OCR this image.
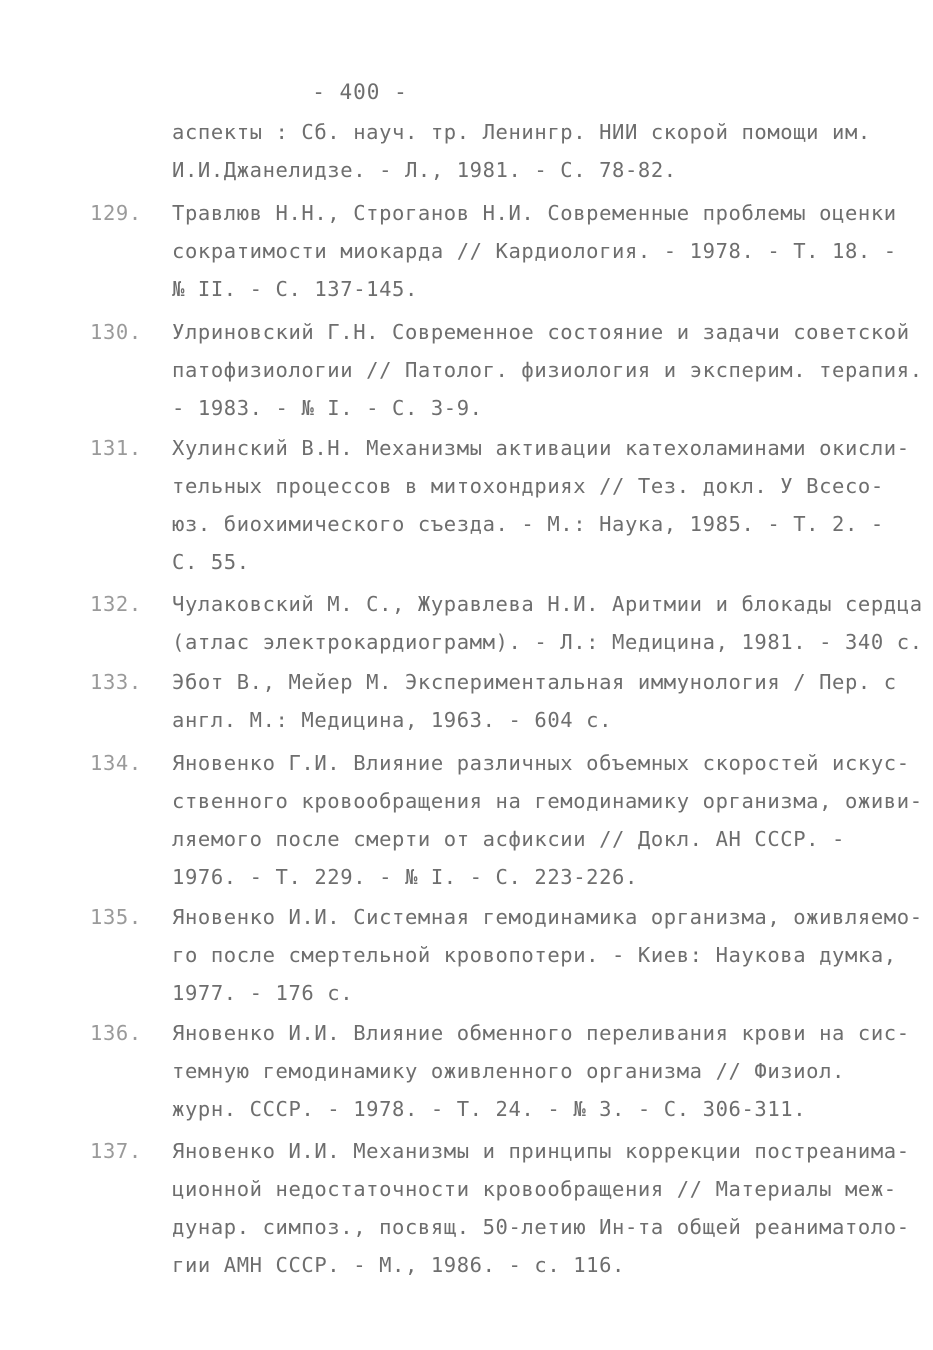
- 400 -
аспекты : Сб. науч. тр. Ленингр. НИИ скорой помощи им.
И.И.Джанелидзе. - Л., 1981. - С. 78-82.
129. Травлюв Н.Н., Строганов Н.И. Современные проблемы оценки
сократимости миокарда // Кардиология. - 1978. - Т. 18. -
№ II. - С. 137-145.
130. Улриновский Г.Н. Современное состояние и задачи советской
патофизиологии // Патолог. физиология и эксперим. терапия.
- 1983. - № I. - С. 3-9.
131. Хулинский В.Н. Механизмы активации катехоламинами окисли-
тельных процессов в митохондриях // Тез. докл. У Всесо-
юз. биохимического съезда. - М.: Наука, 1985. - Т. 2. -
С. 55.
132. Чулаковский М. С., Журавлева Н.И. Аритмии и блокады сердца
(атлас электрокардиограмм). - Л.: Медицина, 1981. - 340 с.
133. Эбот В., Мейер М. Экспериментальная иммунология / Пер. с
англ. М.: Медицина, 1963. - 604 с.
134. Яновенко Г.И. Влияние различных объемных скоростей искус-
ственного кровообращения на гемодинамику организма, оживи-
ляемого после смерти от асфиксии // Докл. АН СССР. -
1976. - Т. 229. - № I. - С. 223-226.
135. Яновенко И.И. Системная гемодинамика организма, оживляемо-
го после смертельной кровопотери. - Киев: Наукова думка,
1977. - 176 с.
136. Яновенко И.И. Влияние обменного переливания крови на сис-
темную гемодинамику оживленного организма // Физиол.
журн. СССР. - 1978. - Т. 24. - № 3. - С. 306-311.
137. Яновенко И.И. Механизмы и принципы коррекции постреанима-
ционной недостаточности кровообращения // Материалы меж-
дунар. симпоз., посвящ. 50-летию Ин-та общей реаниматоло-
гии АМН СССР. - М., 1986. - с. 116.
